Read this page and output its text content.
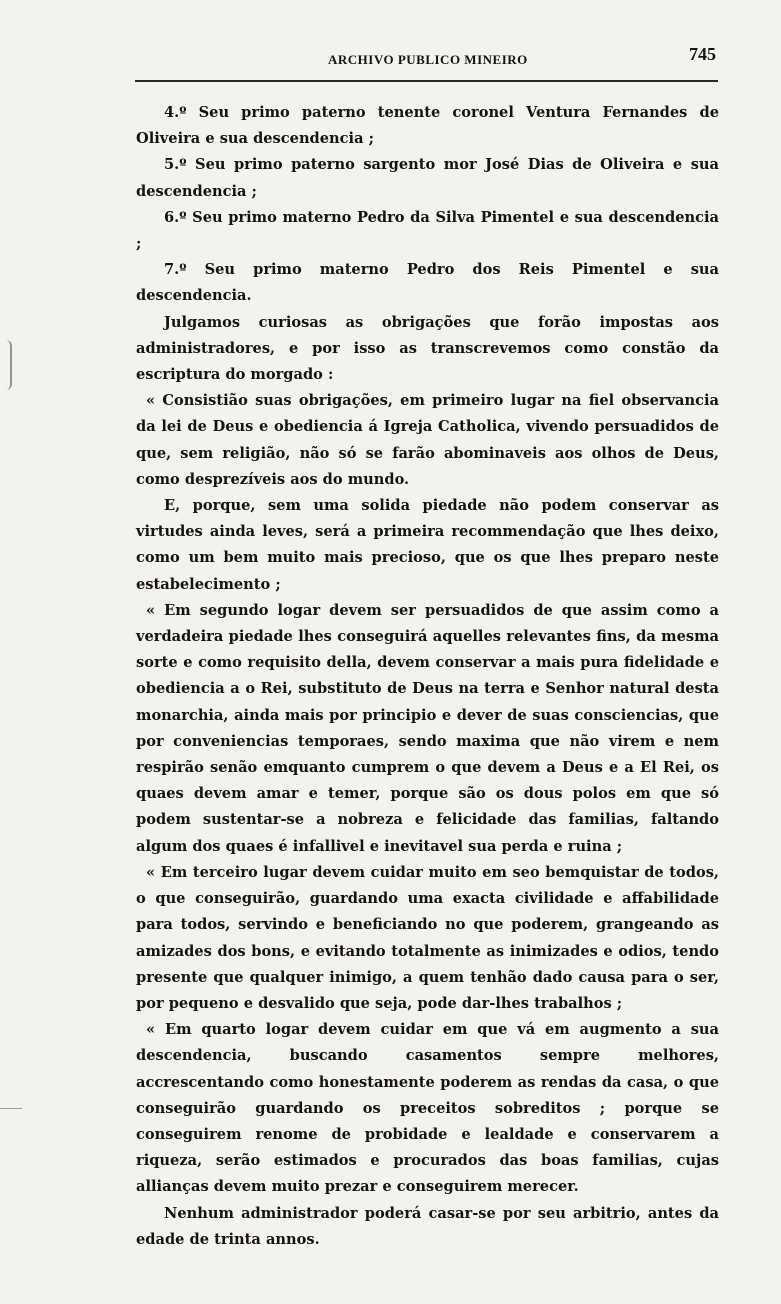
ARCHIVO PUBLICO MINEIRO	745

4.º Seu primo paterno tenente coronel Ventura Fernandes de Oliveira e sua descendencia ;

5.º Seu primo paterno sargento mor José Dias de Oliveira e sua descendencia ;

6.º Seu primo materno Pedro da Silva Pimentel e sua descendencia ;

7.º Seu primo materno Pedro dos Reis Pimentel e sua descendencia.

Julgamos curiosas as obrigações que forão impostas aos administradores, e por isso as transcrevemos como constão da escriptura do morgado :

« Consistião suas obrigações, em primeiro lugar na fiel observancia da lei de Deus e obediencia á Igreja Catholica, vivendo persuadidos de que, sem religião, não só se farão abominaveis aos olhos de Deus, como desprezíveis aos do mundo.

E, porque, sem uma solida piedade não podem conservar as virtudes ainda leves, será a primeira recommendação que lhes deixo, como um bem muito mais precioso, que os que lhes preparo neste estabelecimento ;

« Em segundo logar devem ser persuadidos de que assim como a verdadeira piedade lhes conseguirá aquelles relevantes fins, da mesma sorte e como requisito della, devem conservar a mais pura fidelidade e obediencia a o Rei, substituto de Deus na terra e Senhor natural desta monarchia, ainda mais por principio e dever de suas consciencias, que por conveniencias temporaes, sendo maxima que não virem e nem respirão senão emquanto cumprem o que devem a Deus e a El Rei, os quaes devem amar e temer, porque são os dous polos em que só podem sustentar-se a nobreza e felicidade das familias, faltando algum dos quaes é infallivel e inevitavel sua perda e ruina ;

« Em terceiro lugar devem cuidar muito em seo bemquistar de todos, o que conseguirão, guardando uma exacta civilidade e affabilidade para todos, servindo e beneficiando no que poderem, grangeando as amizades dos bons, e evitando totalmente as inimizades e odios, tendo presente que qualquer inimigo, a quem tenhão dado causa para o ser, por pequeno e desvalido que seja, pode dar-lhes trabalhos ;

« Em quarto logar devem cuidar em que vá em augmento a sua descendencia, buscando casamentos sempre melhores, accrescentando como honestamente poderem as rendas da casa, o que conseguirão guardando os preceitos sobreditos ; porque se conseguirem renome de probidade e lealdade e conservarem a riqueza, serão estimados e procurados das boas familias, cujas allianças devem muito prezar e conseguirem merecer.

Nenhum administrador poderá casar-se por seu arbitrio, antes da edade de trinta annos.
